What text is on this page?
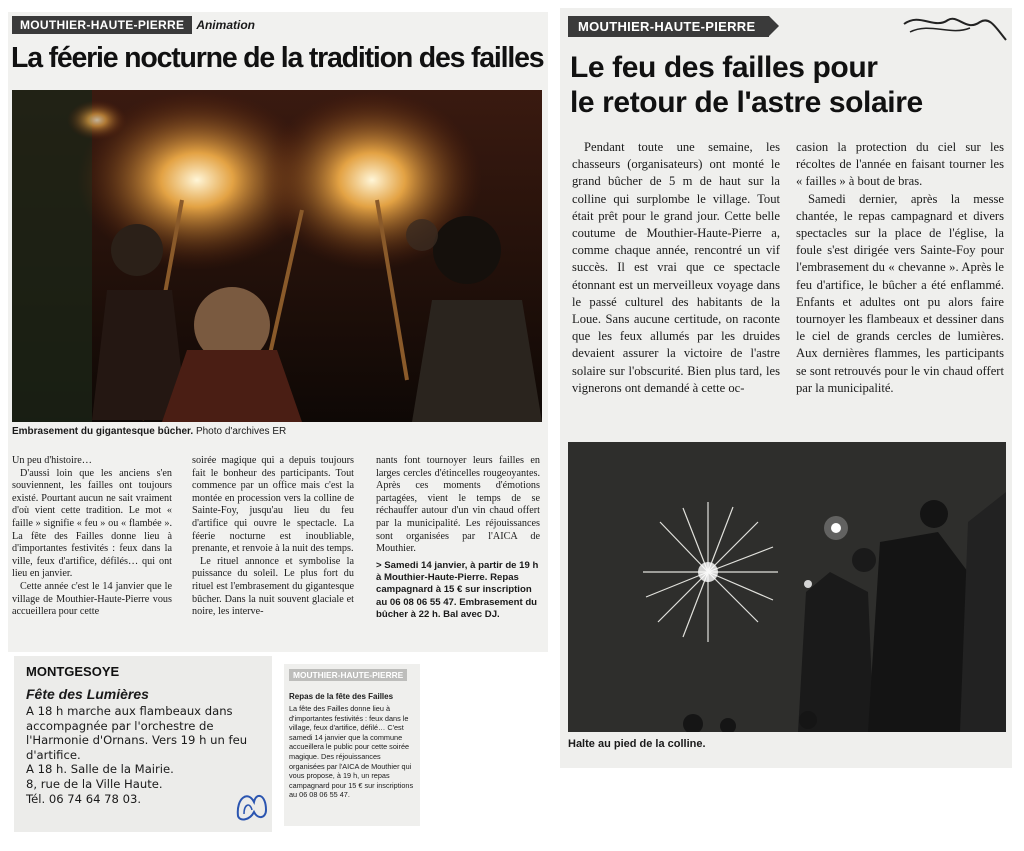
MOUTHIER-HAUTE-PIERRE Animation
La féerie nocturne de la tradition des failles
Embrasement du gigantesque bûcher. Photo d'archives ER

Un peu d'histoire…

D'aussi loin que les anciens s'en souviennent, les failles ont toujours existé. Pourtant aucun ne sait vraiment d'où vient cette tradition. Le mot « faille » signifie « feu » ou « flambée ». La fête des Failles donne lieu à d'importantes festivités : feux dans la ville, feux d'artifice, défilés… qui ont lieu en janvier.

Cette année c'est le 14 janvier que le village de Mouthier-Haute-Pierre vous accueillera pour cette

soirée magique qui a depuis toujours fait le bonheur des participants. Tout commence par un office mais c'est la montée en procession vers la colline de Sainte-Foy, jusqu'au lieu du feu d'artifice qui ouvre le spectacle. La féerie nocturne est inoubliable, prenante, et renvoie à la nuit des temps.

Le rituel annonce et symbolise la puissance du soleil. Le plus fort du rituel est l'embrasement du gigantesque bûcher. Dans la nuit souvent glaciale et noire, les interve-

nants font tournoyer leurs failles en larges cercles d'étincelles rougeoyantes. Après ces moments d'émotions partagées, vient le temps de se réchauffer autour d'un vin chaud offert par la municipalité. Les réjouissances sont organisées par l'AICA de Mouthier.

> Samedi 14 janvier, à partir de 19 h à Mouthier-Haute-Pierre. Repas campagnard à 15 € sur inscription au 06 08 06 55 47. Embrasement du bûcher à 22 h. Bal avec DJ.
MOUTHIER-HAUTE-PIERRE
Le feu des failles pour
le retour de l'astre solaire

Pendant toute une semaine, les chasseurs (organisateurs) ont monté le grand bûcher de 5 m de haut sur la colline qui surplombe le village. Tout était prêt pour le grand jour. Cette belle coutume de Mouthier-Haute-Pierre a, comme chaque année, rencontré un vif succès. Il est vrai que ce spectacle étonnant est un merveilleux voyage dans le passé culturel des habitants de la Loue. Sans aucune certitude, on raconte que les feux allumés par les druides devaient assurer la victoire de l'astre solaire sur l'obscurité. Bien plus tard, les vignerons ont demandé à cette oc-

casion la protection du ciel sur les récoltes de l'année en faisant tourner les « failles » à bout de bras.

Samedi dernier, après la messe chantée, le repas campagnard et divers spectacles sur la place de l'église, la foule s'est dirigée vers Sainte-Foy pour l'embrasement du « chevanne ». Après le feu d'artifice, le bûcher a été enflammé. Enfants et adultes ont pu alors faire tournoyer les flambeaux et dessiner dans le ciel de grands cercles de lumières. Aux dernières flammes, les participants se sont retrouvés pour le vin chaud offert par la municipalité.

Halte au pied de la colline.
MONTGESOYE
Fête des Lumières
A 18 h marche aux flambeaux dans accompagnée par l'orchestre de l'Harmonie d'Ornans. Vers 19 h un feu d'artifice.
A 18 h. Salle de la Mairie.
8, rue de la Ville Haute.
Tél. 06 74 64 78 03.
MOUTHIER-HAUTE-PIERRE
Repas de la fête des Failles
La fête des Failles donne lieu à d'importantes festivités : feux dans le village, feux d'artifice, défilé… C'est samedi 14 janvier que la commune accueillera le public pour cette soirée magique. Des réjouissances organisées par l'AICA de Mouthier qui vous propose, à 19 h, un repas campagnard pour 15 € sur inscriptions au 06 08 06 55 47.
